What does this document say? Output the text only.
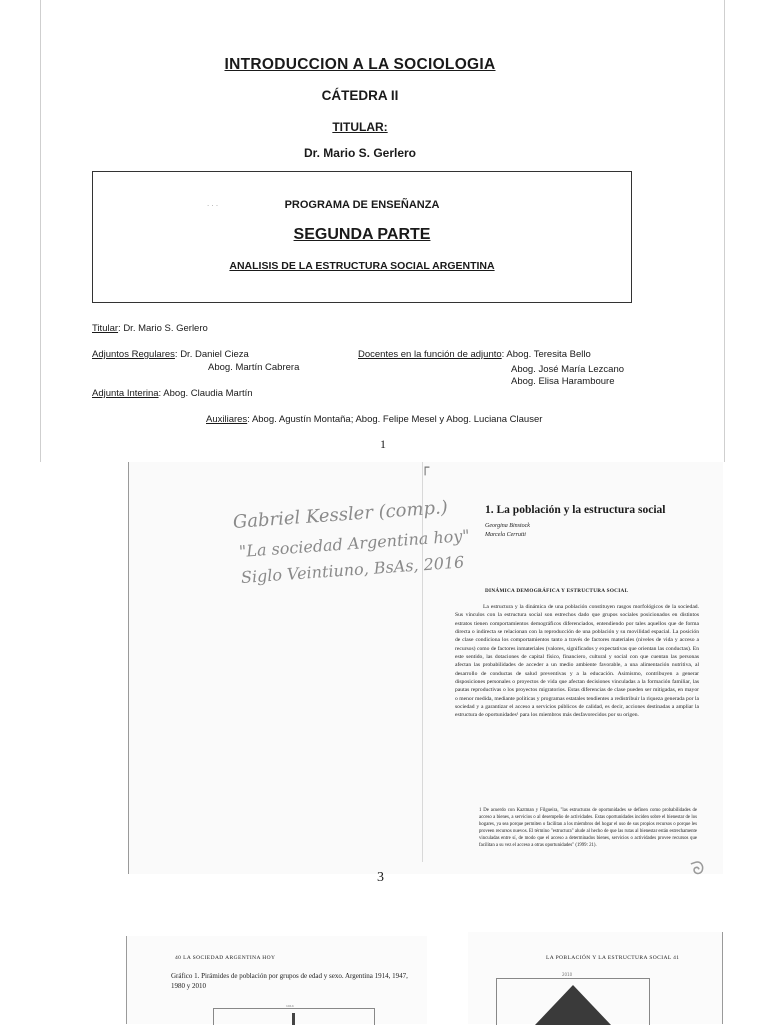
INTRODUCCION A LA SOCIOLOGIA
CÁTEDRA II
TITULAR:
Dr. Mario S. Gerlero
· · ·	PROGRAMA DE ENSEÑANZA
SEGUNDA PARTE
ANALISIS DE LA ESTRUCTURA SOCIAL ARGENTINA
Titular: Dr. Mario S. Gerlero
Adjuntos Regulares: Dr. Daniel Cieza
Abog. Martín Cabrera
Docentes en la función de adjunto: Abog. Teresita Bello
Abog. José María Lezcano
Abog. Elisa Haramboure
Adjunta Interina: Abog. Claudia Martín
Auxiliares: Abog. Agustín Montaña; Abog. Felipe Mesel y Abog. Luciana Clauser
1
┌
Gabriel Kessler (comp.)
"La sociedad Argentina hoy"
Siglo Veintiuno, BsAs, 2016
1. La población y la estructura social
Georgina Binstock
Marcela Cerrutti
DINÁMICA DEMOGRÁFICA Y ESTRUCTURA SOCIAL
La estructura y la dinámica de una población constituyen rasgos morfológicos de la sociedad. Sus vínculos con la estructura social son estrechos dado que grupos sociales posicionados en distintos estratos tienen comportamientos demográficos diferenciados, entendiendo por tales aquellos que de forma directa o indirecta se relacionan con la reproducción de una población y su movilidad espacial. La posición de clase condiciona los comportamientos tanto a través de factores materiales (niveles de vida y acceso a recursos) como de factores inmateriales (valores, significados y expectativas que orientan las conductas). En este sentido, las dotaciones de capital físico, financiero, cultural y social con que cuentan las personas afectan las probabilidades de acceder a un medio ambiente favorable, a una alimentación nutritiva, al desarrollo de conductas de salud preventivas y a la educación. Asimismo, contribuyen a generar disposiciones personales o proyectos de vida que afectan decisiones vinculadas a la formación familiar, las pautas reproductivas o los proyectos migratorios. Estas diferencias de clase pueden ser mitigadas, en mayor o menor medida, mediante políticas y programas estatales tendientes a redistribuir la riqueza generada por la sociedad y a garantizar el acceso a servicios públicos de calidad, es decir, acciones destinadas a ampliar la estructura de oportunidades¹ para los miembros más desfavorecidos por su origen.
1 De acuerdo con Kaztman y Filgueira, "las estructuras de oportunidades se definen como probabilidades de acceso a bienes, a servicios o al desempeño de actividades. Estas oportunidades inciden sobre el bienestar de los hogares, ya sea porque permiten o facilitan a los miembros del hogar el uso de sus propios recursos o porque les proveen recursos nuevos. El término "estructura" alude al hecho de que las rutas al bienestar están estrechamente vinculadas entre sí, de modo que el acceso a determinados bienes, servicios o actividades provee recursos que facilitan a su vez el acceso a otras oportunidades" (1999: 21).
3	ᘐ
40 LA SOCIEDAD ARGENTINA HOY
Gráfico 1. Pirámides de población por grupos de edad y sexo. Argentina 1914, 1947, 1980 y 2010
1914
LA POBLACIÓN Y LA ESTRUCTURA SOCIAL 41
2010
